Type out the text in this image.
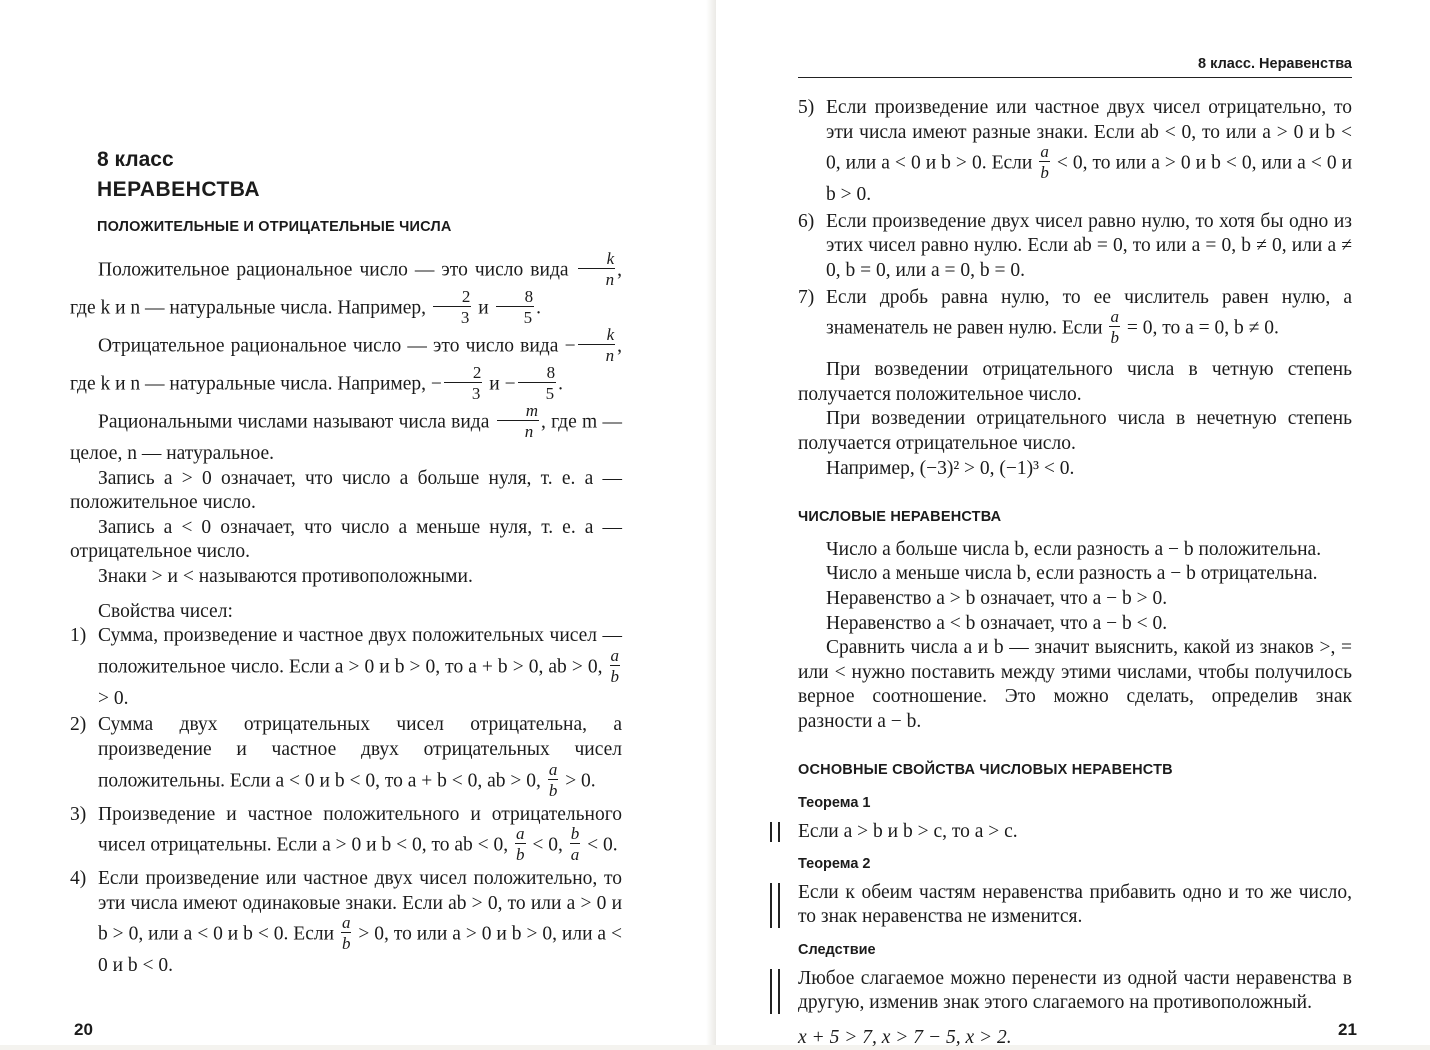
8 класс
НЕРАВЕНСТВА
ПОЛОЖИТЕЛЬНЫЕ И ОТРИЦАТЕЛЬНЫЕ ЧИСЛА

Положительное рациональное число — это число вида $\frac{k}{n}$ , где k и n — натуральные числа. Например, $\frac{2}{3}$ и $\frac{8}{5}$ .

Отрицательное рациональное число — это число вида − $\frac{k}{n}$ , где k и n — натуральные числа. Например, − $\frac{2}{3}$ $и - \frac{8}{5}$ .

Рациональными числами называют числа вида $\frac{m}{n}$ , где m — целое, n — натуральное.

Запись a > 0 означает, что число a больше нуля, т. е. a — положительное число.

Запись a < 0 означает, что число a меньше нуля, т. е. a — отрицательное число.

Знаки > и < называются противоположными.

Свойства чисел:

1) Сумма, произведение и частное двух положительных чисел — положительное число. Если a > 0 и b > 0, то a + b > 0, ab > 0, $\frac{a}{b}$
> 0.
2) Сумма двух отрицательных чисел отрицательна, а произведение и частное двух отрицательных чисел положительны. Если a < 0 и b < 0, то a + b < 0, ab > 0, $\frac{a}{b} > 0$.
3) Произведение и частное положительного и отрицательного чисел отрицательны. Если a > 0 и b < 0, то ab < 0, $\frac{a}{b} < 0$, $\frac{b}{a} < 0$.
4) Если произведение или частное двух чисел положительно, то эти числа имеют одинаковые знаки. Если ab > 0, то или a > 0 и b > 0, или a < 0 и b < 0. Если $\frac{a}{b} > 0$, то или a > 0 и b > 0, или a < 0 и b < 0.
20
8 класс. Неравенства
5) Если произведение или частное двух чисел отрицательно, то эти числа имеют разные знаки. Если ab < 0, то или a > 0 и b < 0, или a < 0 и b > 0. Если $\frac{a}{b} < 0$, то или a > 0 и b < 0, или a < 0 и b > 0.
6) Если произведение двух чисел равно нулю, то хотя бы одно из этих чисел равно нулю. Если ab = 0, то или a = 0, b ≠ 0, или a ≠ 0, b = 0, или a = 0, b = 0.
7) Если дробь равна нулю, то ее числитель равен нулю, а знаменатель не равен нулю. Если $\frac{a}{b} = 0$, то a = 0, b ≠ 0.

При возведении отрицательного числа в четную степень получается положительное число.

При возведении отрицательного числа в нечетную степень получается отрицательное число.

Например, (−3)² > 0, (−1)³ < 0.

ЧИСЛОВЫЕ НЕРАВЕНСТВА

Число a больше числа b, если разность a − b положительна.

Число a меньше числа b, если разность a − b отрицательна.

Неравенство a > b означает, что a − b > 0.

Неравенство a < b означает, что a − b < 0.

Сравнить числа a и b — значит выяснить, какой из знаков >, = или < нужно поставить между этими числами, чтобы получилось верное соотношение. Это можно сделать, определив знак разности a − b.

ОСНОВНЫЕ СВОЙСТВА ЧИСЛОВЫХ НЕРАВЕНСТВ
Теорема 1

Если a > b и b > c, то a > c.

Теорема 2

Если к обеим частям неравенства прибавить одно и то же число, то знак неравенства не изменится.

Следствие

Любое слагаемое можно перенести из одной части неравенства в другую, изменив знак этого слагаемого на противоположный.

x + 5 > 7, x > 7 − 5, x > 2.	21
